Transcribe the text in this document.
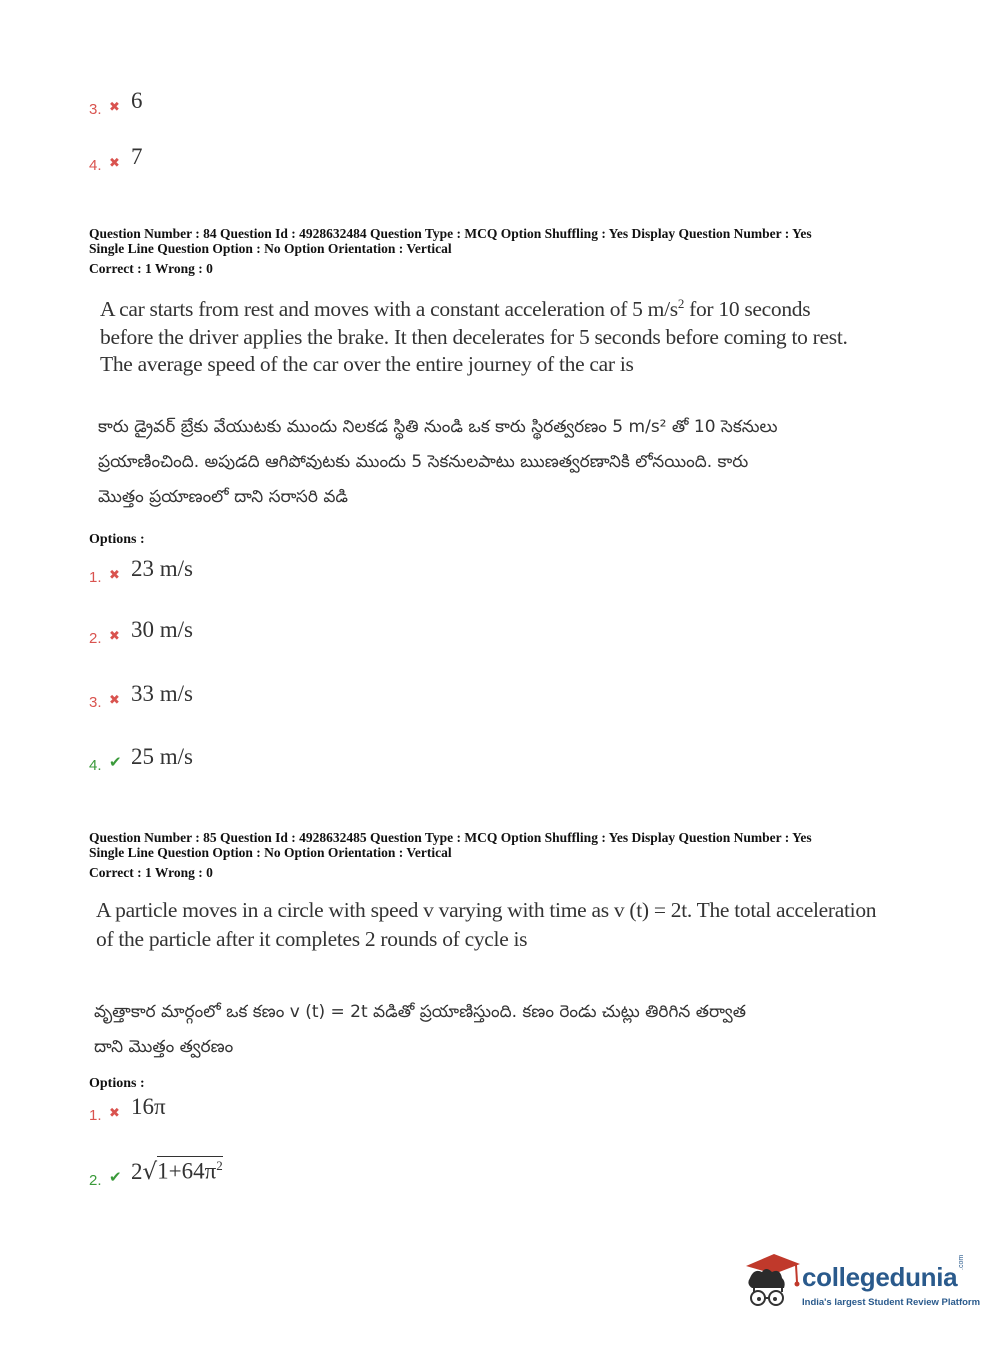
3. ✖ 6
4. ✖ 7
Question Number : 84 Question Id : 4928632484 Question Type : MCQ Option Shuffling : Yes Display Question Number : Yes
Single Line Question Option : No Option Orientation : Vertical
Correct : 1 Wrong : 0
A car starts from rest and moves with a constant acceleration of 5 $m/s^2$ for 10 seconds
before the driver applies the brake. It then decelerates for 5 seconds before coming to rest.
The average speed of the car over the entire journey of the car is
కారు డ్రైవర్ బ్రేకు వేయుటకు ముందు నిలకడ స్థితి నుండి ఒక కారు స్థిరత్వరణం 5 m/s² తో 10 సెకనులు
ప్రయాణించింది. అపుడది ఆగిపోవుటకు ముందు 5 సెకనులపాటు ఋణత్వరణానికి లోనయింది. కారు
మొత్తం ప్రయాణంలో దాని సరాసరి వడి
Options :
1. ✖ 23 m/s
2. ✖ 30 m/s
3. ✖ 33 m/s
4. ✔ 25 m/s
Question Number : 85 Question Id : 4928632485 Question Type : MCQ Option Shuffling : Yes Display Question Number : Yes
Single Line Question Option : No Option Orientation : Vertical
Correct : 1 Wrong : 0
A particle moves in a circle with speed v varying with time as v (t) = 2t. The total acceleration
of the particle after it completes 2 rounds of cycle is
వృత్తాకార మార్గంలో ఒక కణం v (t) = 2t వడితో ప్రయాణిస్తుంది. కణం రెండు చుట్లు తిరిగిన తర్వాత
దాని మొత్తం త్వరణం
Options :
1. ✖ 16π
2. ✔ 2 √ $1+64\pi^2$
collegedunia .com
India's largest Student Review Platform
